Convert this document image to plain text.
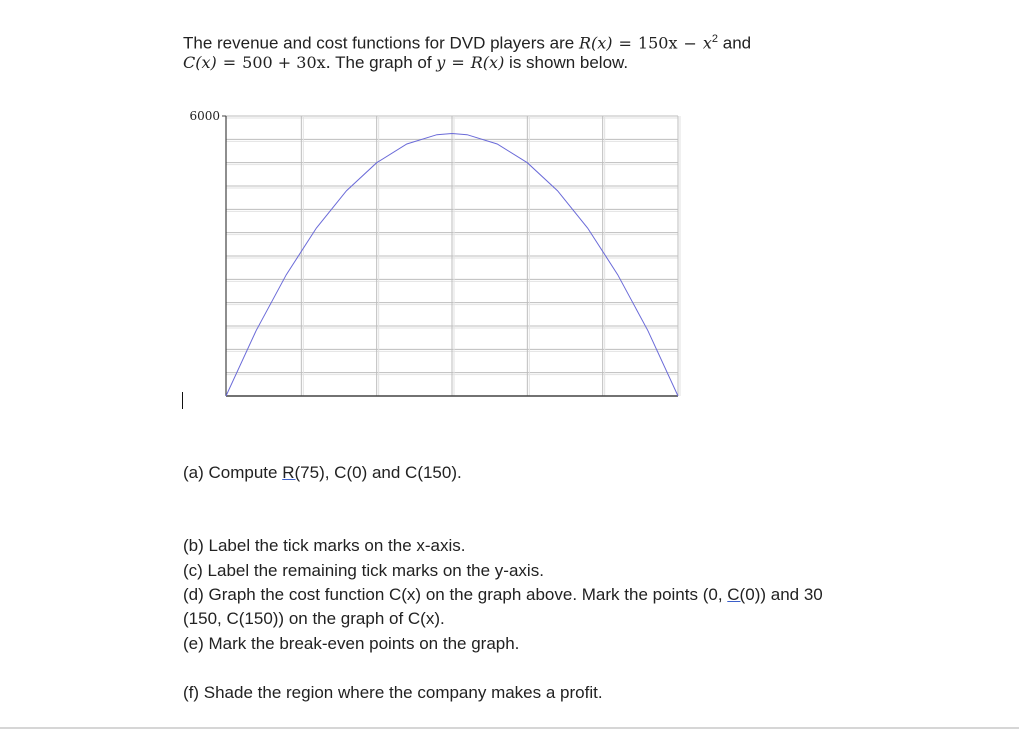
The revenue and cost functions for DVD players are $R(x) = 150x - x^2$ and
C(x) = 500 + 30x. The graph of y = R(x) is shown below.
6000
(a) Compute R(75), C(0) and C(150).
(b) Label the tick marks on the x-axis.
(c) Label the remaining tick marks on the y-axis.
(d) Graph the cost function C(x) on the graph above. Mark the points (0, C(0)) and 30
(150, C(150)) on the graph of C(x).
(e) Mark the break-even points on the graph.
(f) Shade the region where the company makes a profit.
